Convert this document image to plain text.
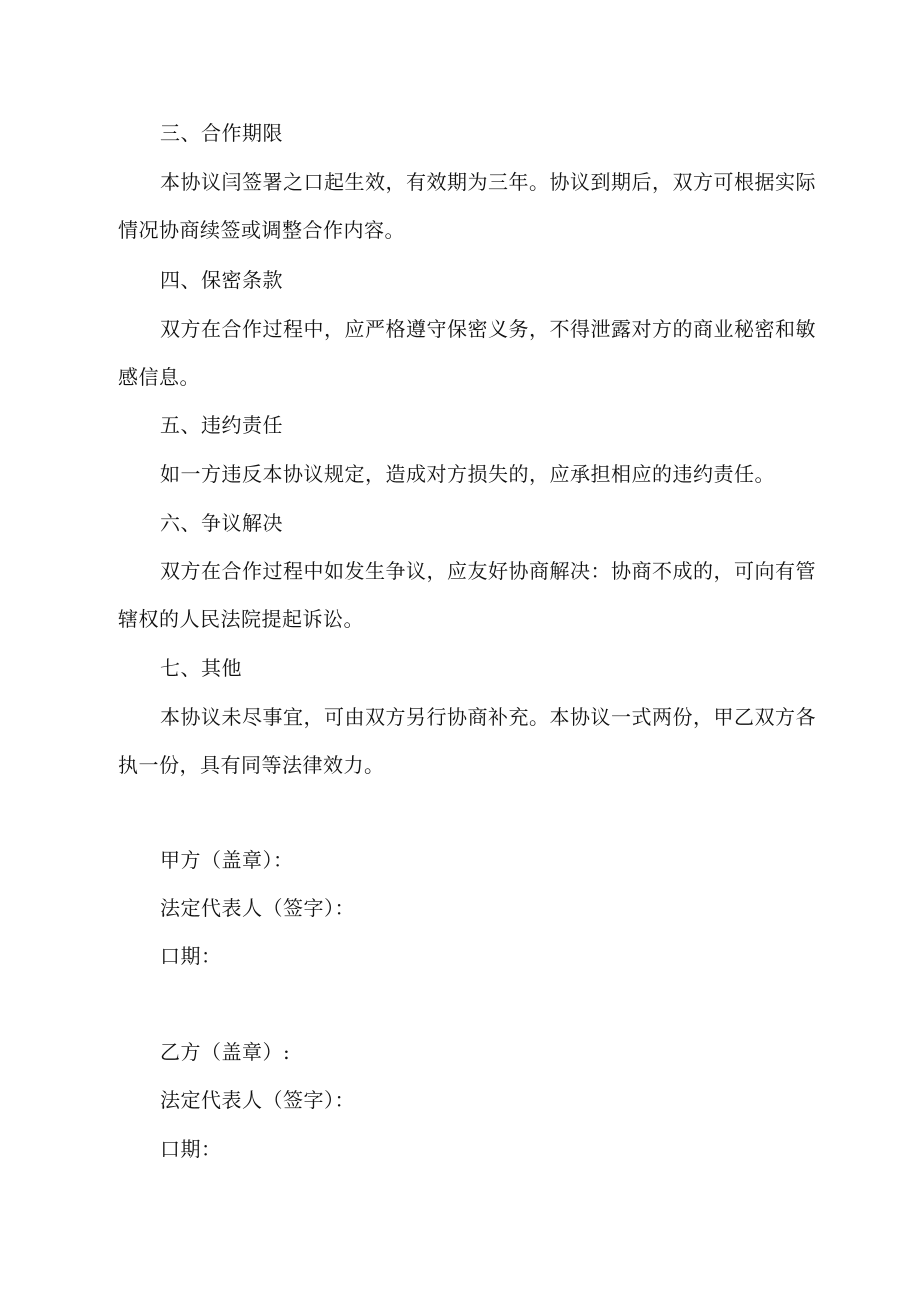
三、合作期限
本协议闫签署之口起生效，有效期为三年。协议到期后，双方可根据实际
情况协商续签或调整合作内容。
四、保密条款
双方在合作过程中，应严格遵守保密义务，不得泄露对方的商业秘密和敏
感信息。
五、违约责任
如一方违反本协议规定，造成对方损失的，应承担相应的违约责任。
六、争议解决
双方在合作过程中如发生争议，应友好协商解决：协商不成的，可向有管
辖权的人民法院提起诉讼。
七、其他
本协议未尽事宜，可由双方另行协商补充。本协议一式两份，甲乙双方各
执一份，具有同等法律效力。
甲方（盖章）：
法定代表人（签字）：
口期：
乙方（盖章）:
法定代表人（签字）：
口期：
